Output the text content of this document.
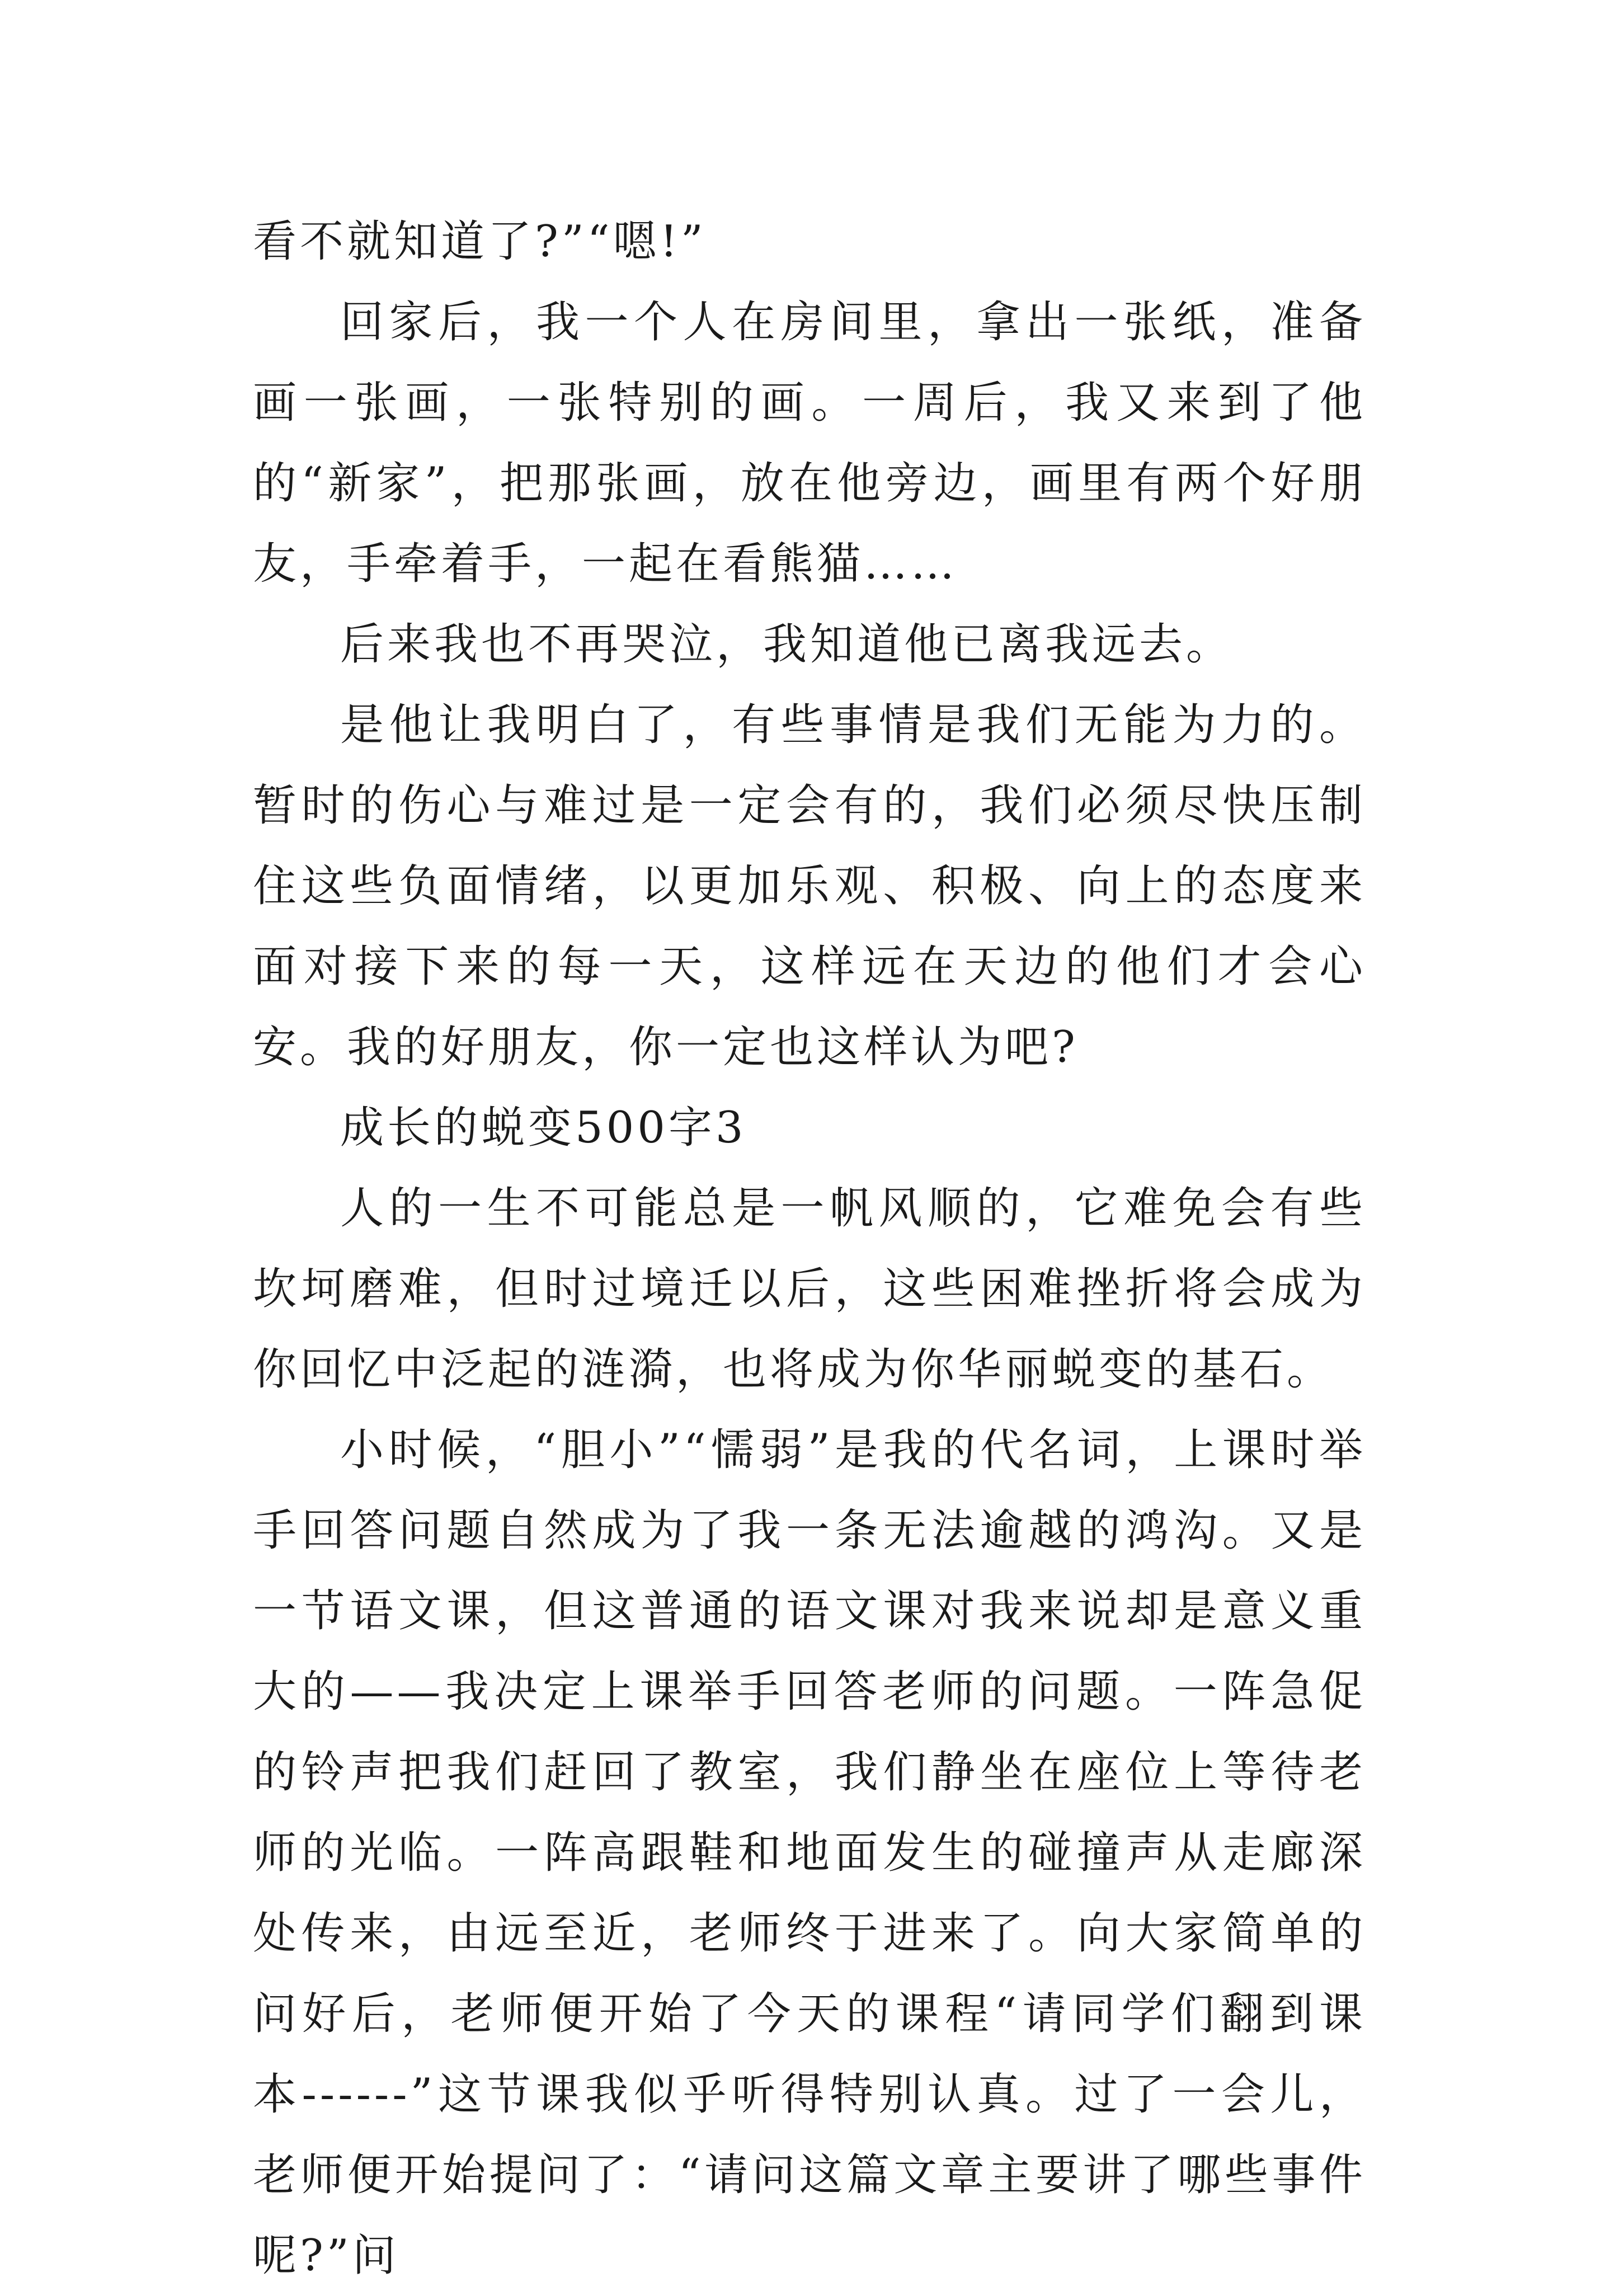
看不就知道了?”“嗯!”

回家后，我一个人在房间里，拿出一张纸，准备画一张画，一张特别的画。一周后，我又来到了他的“新家”，把那张画，放在他旁边，画里有两个好朋友，手牵着手，一起在看熊猫……

后来我也不再哭泣，我知道他已离我远去。

是他让我明白了，有些事情是我们无能为力的。暂时的伤心与难过是一定会有的，我们必须尽快压制住这些负面情绪，以更加乐观、积极、向上的态度来面对接下来的每一天，这样远在天边的他们才会心安。我的好朋友，你一定也这样认为吧?

成长的蜕变500字3

人的一生不可能总是一帆风顺的，它难免会有些坎坷磨难，但时过境迁以后，这些困难挫折将会成为你回忆中泛起的涟漪，也将成为你华丽蜕变的基石。

小时候，“胆小”“懦弱”是我的代名词，上课时举手回答问题自然成为了我一条无法逾越的鸿沟。又是一节语文课，但这普通的语文课对我来说却是意义重大的——我决定上课举手回答老师的问题。一阵急促的铃声把我们赶回了教室，我们静坐在座位上等待老师的光临。一阵高跟鞋和地面发生的碰撞声从走廊深处传来，由远至近，老师终于进来了。向大家简单的问好后，老师便开始了今天的课程“请同学们翻到课本------”这节课我似乎听得特别认真。过了一会儿，老师便开始提问了：“请问这篇文章主要讲了哪些事件呢?”问
